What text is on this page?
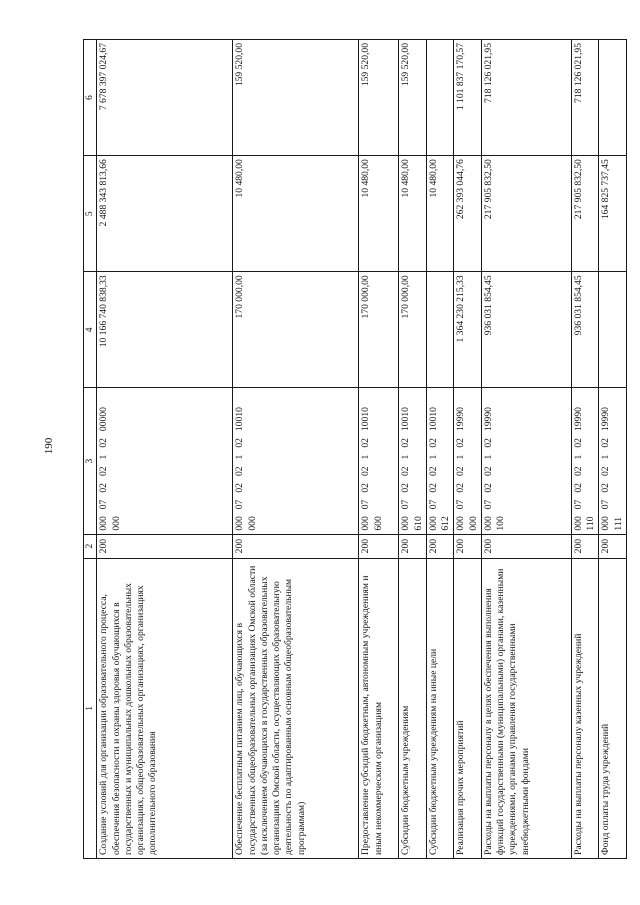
190
1	2	3	4	5	6
Создание условий для организации образовательного процесса, обеспечения безопасности и охраны здоровья обучающихся в государственных и муниципальных дошкольных образовательных организациях, общеобразовательных организациях, организациях дополнительного образования	200	00007020210200000000	10 166 740 838,33	2 488 343 813,66	7 678 397 024,67
Обеспечение бесплатным питанием лиц, обучающихся в государственных общеобразовательных организациях Омской области (за исключением обучающихся в государственных образовательных организациях Омской области, осуществляющих образовательную деятельность по адаптированным основным общеобразовательным программам)	200	00007020210210010000	170 000,00	10 480,00	159 520,00
Предоставление субсидий бюджетным, автономным учреждениям и иным некоммерческим организациям	200	00007020210210010600	170 000,00	10 480,00	159 520,00
Субсидии бюджетным учреждениям	200	00007020210210010610	170 000,00	10 480,00	159 520,00
Субсидии бюджетным учреждениям на иные цели	200	00007020210210010612		10 480,00	
Реализация прочих мероприятий	200	00007020210219990000	1 364 230 215,33	262 393 044,76	1 101 837 170,57
Расходы на выплаты персоналу в целях обеспечения выполнения функций государственными (муниципальными) органами, казенными учреждениями, органами управления государственными внебюджетными фондами	200	00007020210219990100	936 031 854,45	217 905 832,50	718 126 021,95
Расходы на выплаты персоналу казенных учреждений	200	00007020210219990110	936 031 854,45	217 905 832,50	718 126 021,95
Фонд оплаты труда учреждений	200	00007020210219990111		164 825 737,45	
